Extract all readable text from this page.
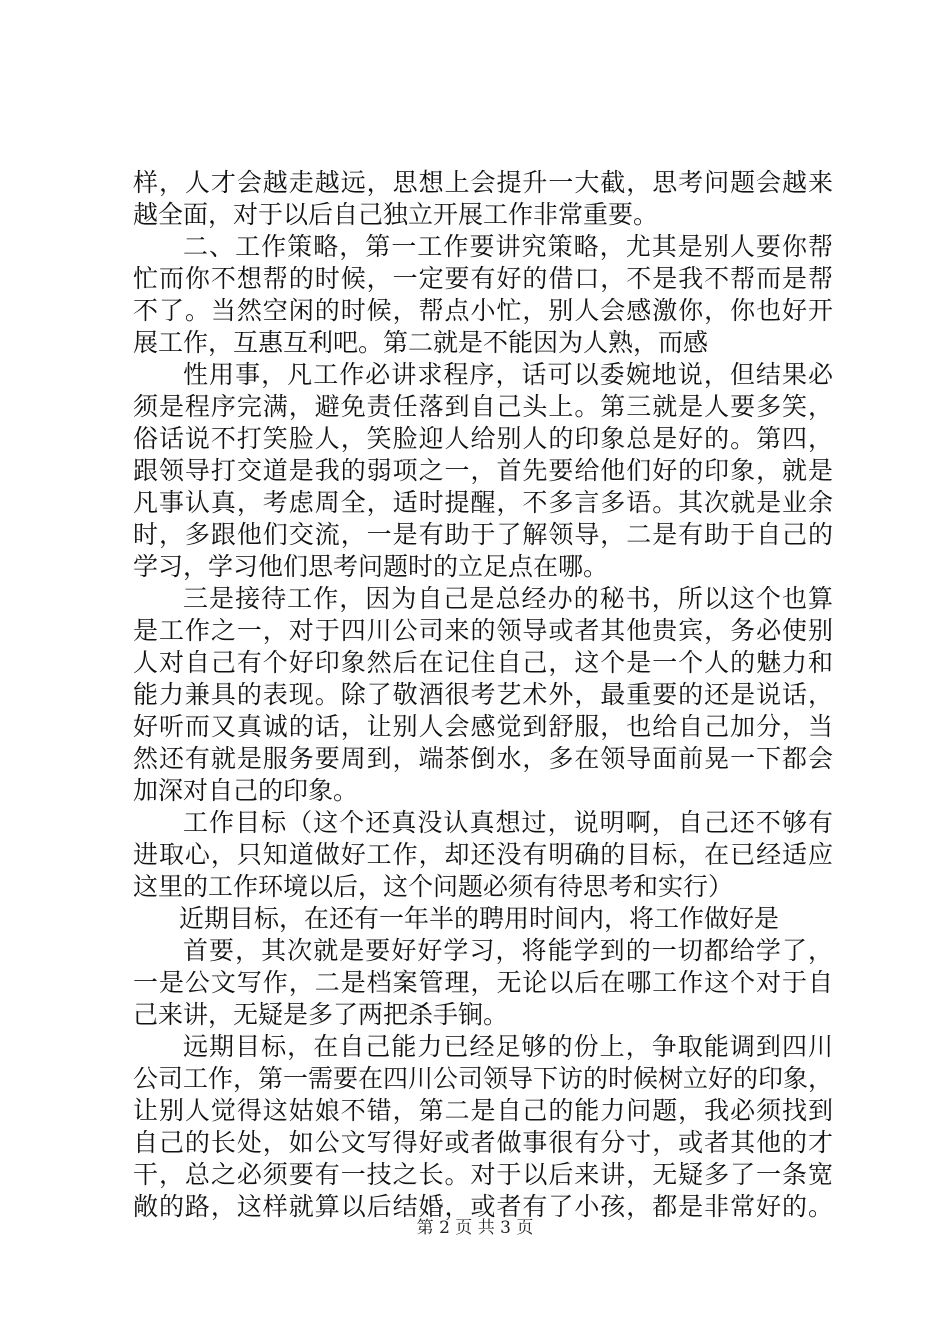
样，人才会越走越远，思想上会提升一大截，思考问题会越来
越全面，对于以后自己独立开展工作非常重要。
二、工作策略，第一工作要讲究策略，尤其是别人要你帮
忙而你不想帮的时候，一定要有好的借口，不是我不帮而是帮
不了。当然空闲的时候，帮点小忙，别人会感激你，你也好开
展工作，互惠互利吧。第二就是不能因为人熟，而感
性用事，凡工作必讲求程序，话可以委婉地说，但结果必
须是程序完满，避免责任落到自己头上。第三就是人要多笑，
俗话说不打笑脸人，笑脸迎人给别人的印象总是好的。第四，
跟领导打交道是我的弱项之一，首先要给他们好的印象，就是
凡事认真，考虑周全，适时提醒，不多言多语。其次就是业余
时，多跟他们交流，一是有助于了解领导，二是有助于自己的
学习，学习他们思考问题时的立足点在哪。
三是接待工作，因为自己是总经办的秘书，所以这个也算
是工作之一，对于四川公司来的领导或者其他贵宾，务必使别
人对自己有个好印象然后在记住自己，这个是一个人的魅力和
能力兼具的表现。除了敬酒很考艺术外，最重要的还是说话，
好听而又真诚的话，让别人会感觉到舒服，也给自己加分，当
然还有就是服务要周到，端茶倒水，多在领导面前晃一下都会
加深对自己的印象。
工作目标（这个还真没认真想过，说明啊，自己还不够有
进取心，只知道做好工作，却还没有明确的目标，在已经适应
这里的工作环境以后，这个问题必须有待思考和实行）
近期目标，在还有一年半的聘用时间内，将工作做好是
首要，其次就是要好好学习，将能学到的一切都给学了，
一是公文写作，二是档案管理，无论以后在哪工作这个对于自
己来讲，无疑是多了两把杀手锏。
远期目标，在自己能力已经足够的份上，争取能调到四川
公司工作，第一需要在四川公司领导下访的时候树立好的印象，
让别人觉得这姑娘不错，第二是自己的能力问题，我必须找到
自己的长处，如公文写得好或者做事很有分寸，或者其他的才
干，总之必须要有一技之长。对于以后来讲，无疑多了一条宽
敞的路，这样就算以后结婚，或者有了小孩，都是非常好的。
第 2 页 共 3 页
